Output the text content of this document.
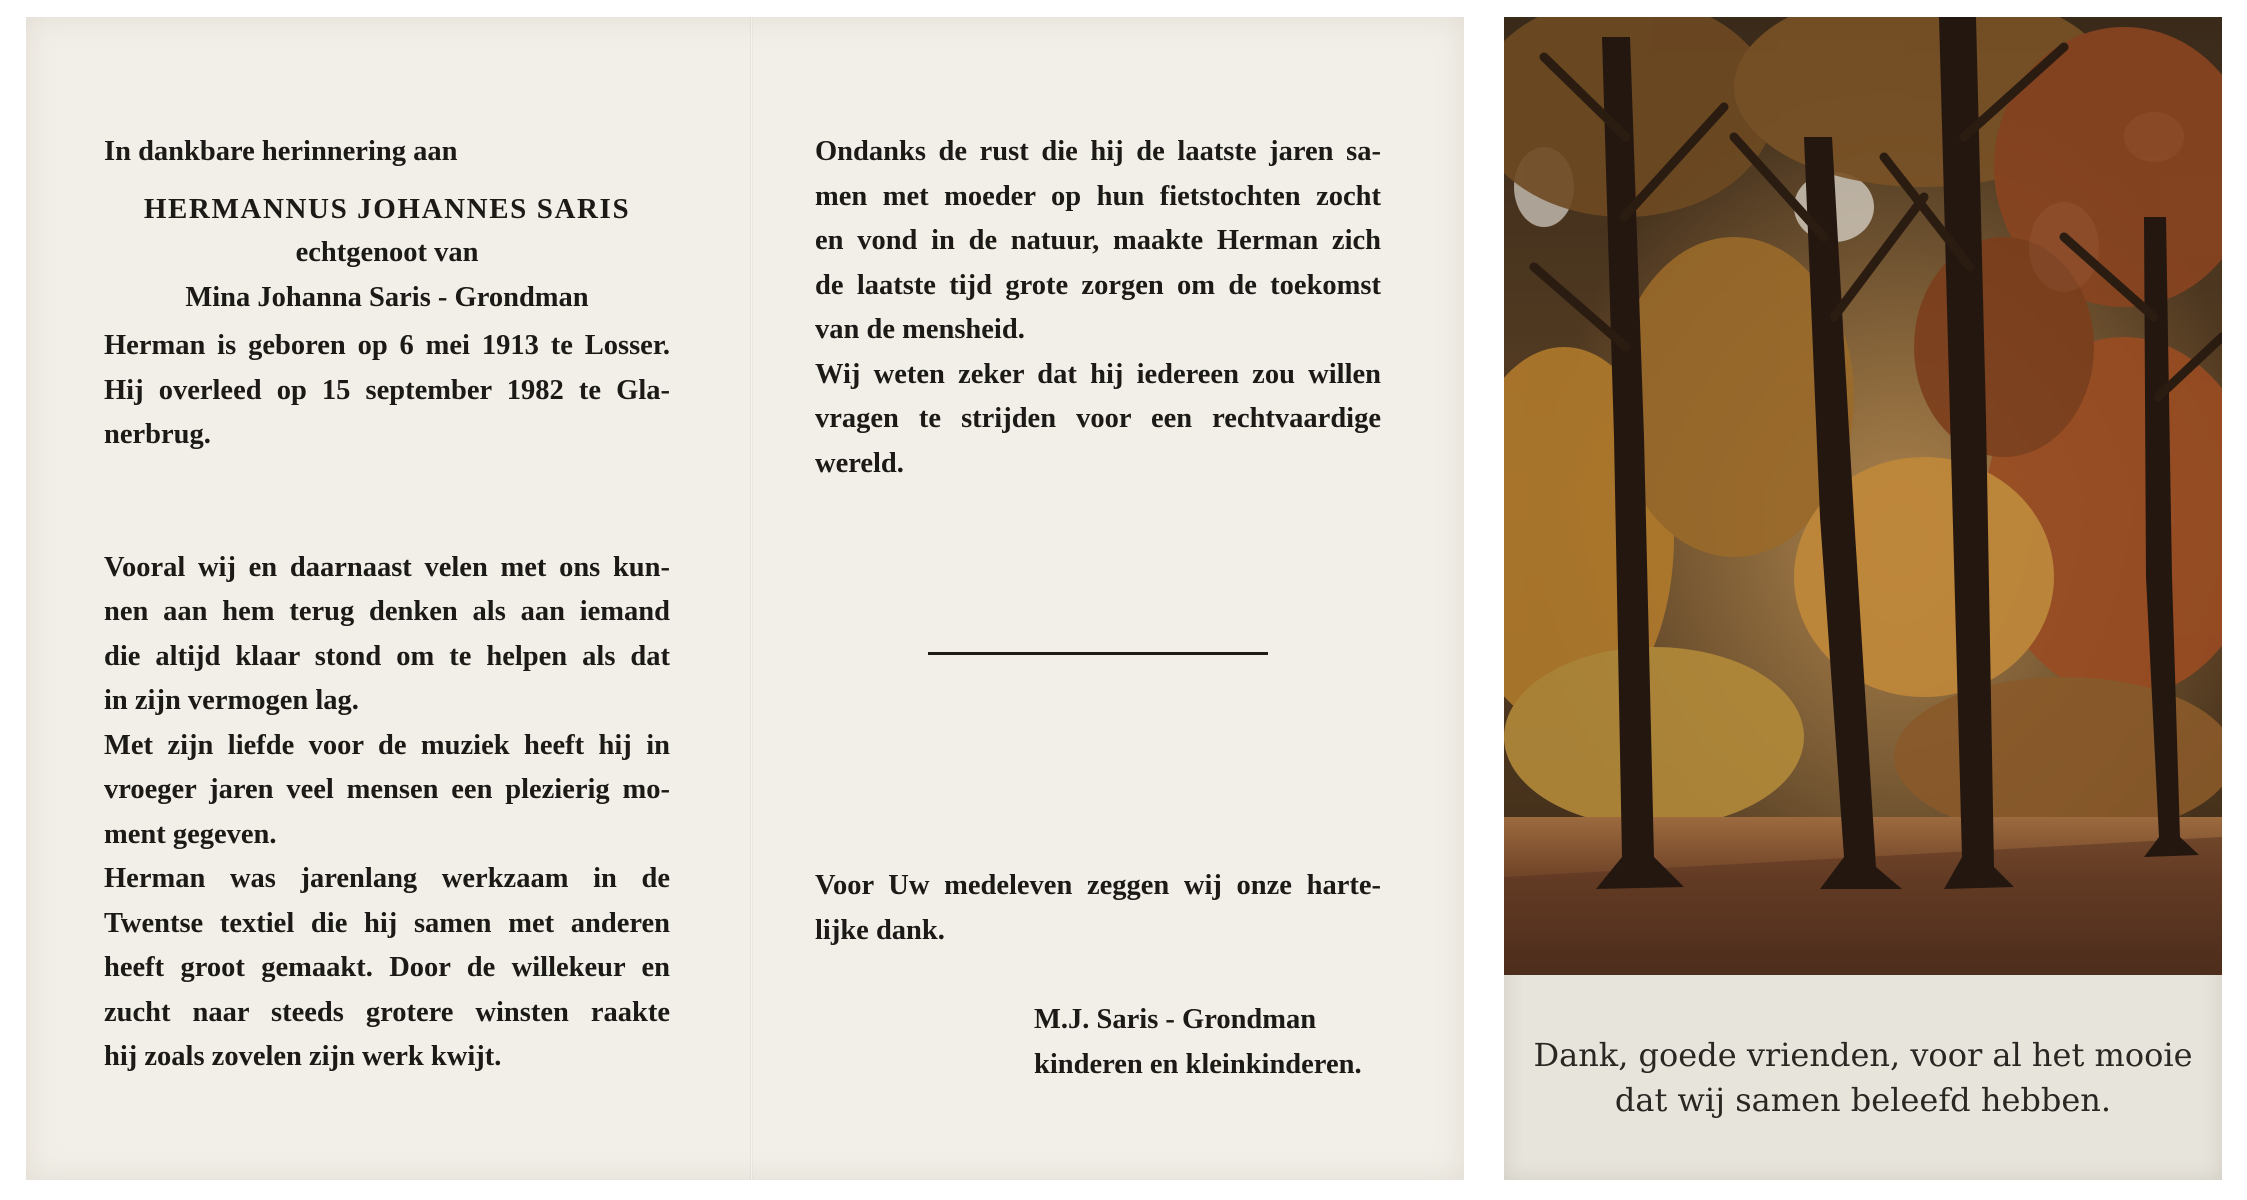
In dankbare herinnering aan
HERMANNUS JOHANNES SARIS
echtgenoot van
Mina Johanna Saris - Grondman
Herman is geboren op 6 mei 1913 te Losser.
Hij overleed op 15 september 1982 te Gla-
nerbrug.
Vooral wij en daarnaast velen met ons kun-
nen aan hem terug denken als aan iemand
die altijd klaar stond om te helpen als dat
in zijn vermogen lag.
Met zijn liefde voor de muziek heeft hij in
vroeger jaren veel mensen een plezierig mo-
ment gegeven.
Herman was jarenlang werkzaam in de
Twentse textiel die hij samen met anderen
heeft groot gemaakt. Door de willekeur en
zucht naar steeds grotere winsten raakte
hij zoals zovelen zijn werk kwijt.
Ondanks de rust die hij de laatste jaren sa-
men met moeder op hun fietstochten zocht
en vond in de natuur, maakte Herman zich
de laatste tijd grote zorgen om de toekomst
van de mensheid.
Wij weten zeker dat hij iedereen zou willen
vragen te strijden voor een rechtvaardige
wereld.
Voor Uw medeleven zeggen wij onze harte-
lijke dank.
M.J. Saris - Grondman
kinderen en kleinkinderen.	Dank, goede vrienden, voor al het mooie
dat wij samen beleefd hebben.
